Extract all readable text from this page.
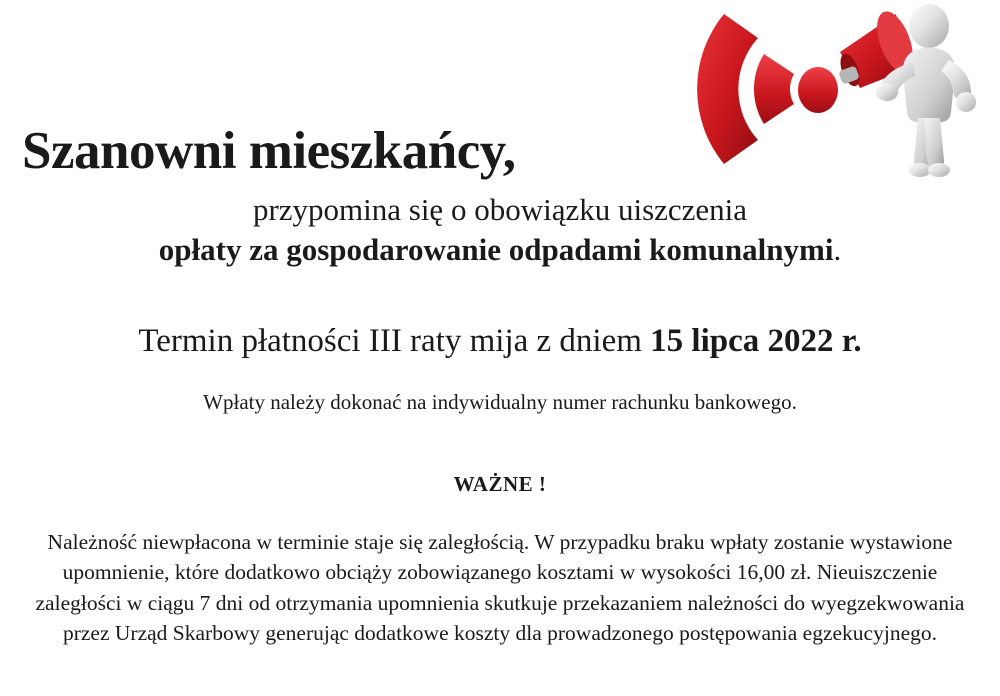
Szanowni mieszkańcy,
przypomina się o obowiązku uiszczenia
opłaty za gospodarowanie odpadami komunalnymi.
Termin płatności III raty mija z dniem 15 lipca 2022 r.
Wpłaty należy dokonać na indywidualny numer rachunku bankowego.
WAŻNE !

Należność niewpłacona w terminie staje się zaległością. W przypadku braku wpłaty zostanie wystawione upomnienie, które dodatkowo obciąży zobowiązanego kosztami w wysokości 16,00 zł. Nieuiszczenie zaległości w ciągu 7 dni od otrzymania upomnienia skutkuje przekazaniem należności do wyegzekwowania przez Urząd Skarbowy generując dodatkowe koszty dla prowadzonego postępowania egzekucyjnego.
